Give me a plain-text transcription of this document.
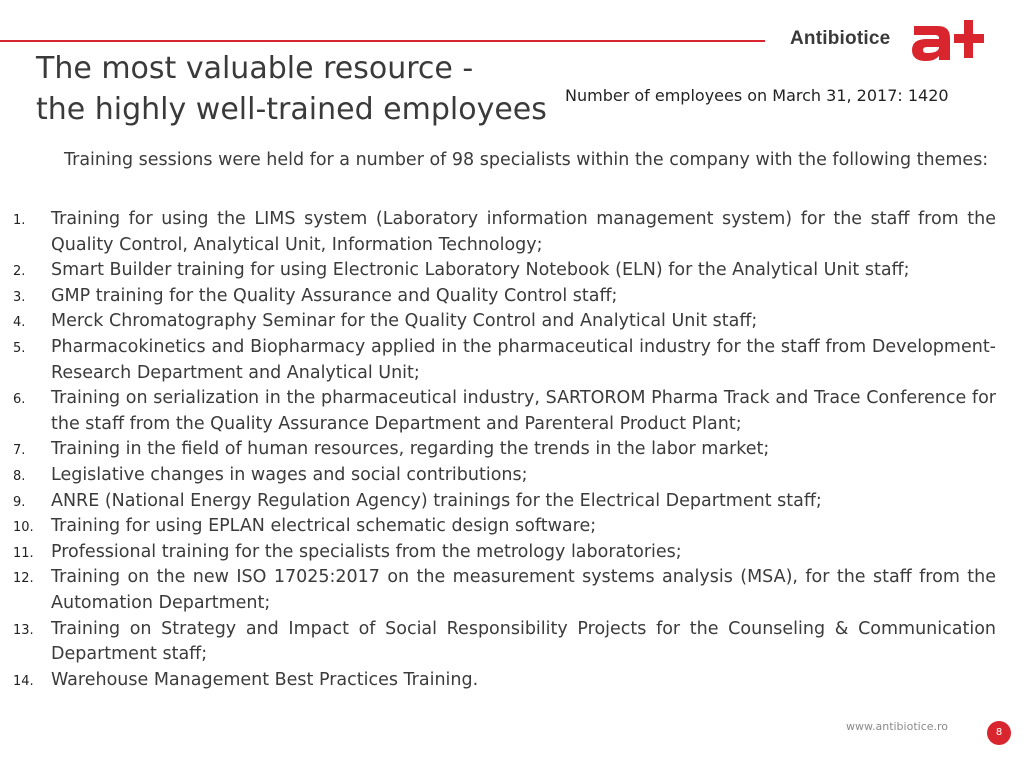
Antibiotice
The most valuable resource -
the highly well-trained employees Number of employees on March 31, 2017: 1420

Training sessions were held for a number of 98 specialists within the company with the following themes:

1. Training for using the LIMS system (Laboratory information management system) for the staff from the Quality Control, Analytical Unit, Information Technology;
2. Smart Builder training for using Electronic Laboratory Notebook (ELN) for the Analytical Unit staff;
3. GMP training for the Quality Assurance and Quality Control staff;
4. Merck Chromatography Seminar for the Quality Control and Analytical Unit staff;
5. Pharmacokinetics and Biopharmacy applied in the pharmaceutical industry for the staff from Development-Research Department and Analytical Unit;
6. Training on serialization in the pharmaceutical industry, SARTOROM Pharma Track and Trace Conference for the staff from the Quality Assurance Department and Parenteral Product Plant;
7. Training in the field of human resources, regarding the trends in the labor market;
8. Legislative changes in wages and social contributions;
9. ANRE (National Energy Regulation Agency) trainings for the Electrical Department staff;
10. Training for using EPLAN electrical schematic design software;
11. Professional training for the specialists from the metrology laboratories;
12. Training on the new ISO 17025:2017 on the measurement systems analysis (MSA), for the staff from the Automation Department;
13. Training on Strategy and Impact of Social Responsibility Projects for the Counseling & Communication Department staff;
14. Warehouse Management Best Practices Training.
www.antibiotice.ro	8
